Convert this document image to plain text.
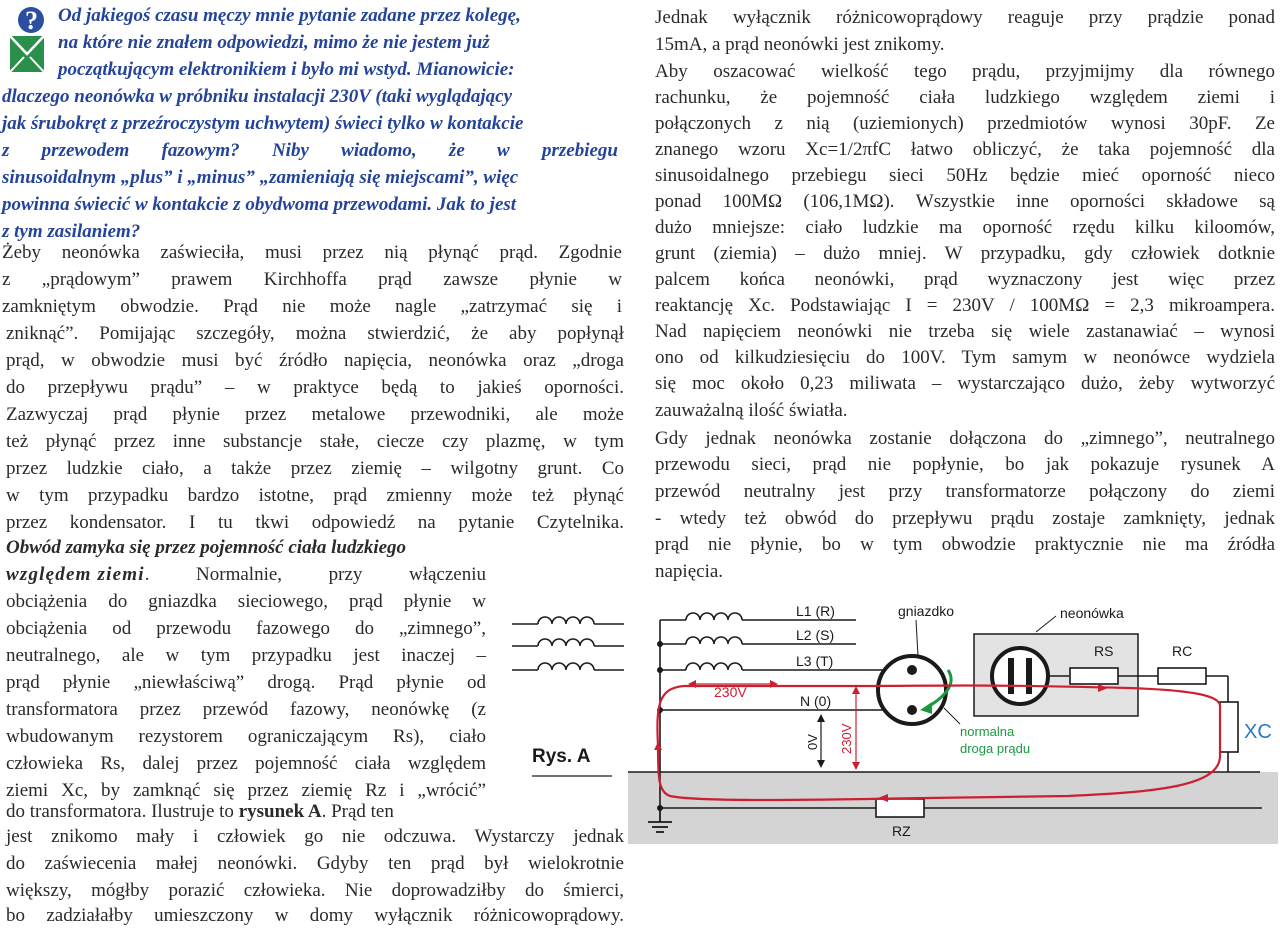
? Od jakiegoś czasu męczy mnie pytanie zadane przez kolegę,
na które nie znałem odpowiedzi, mimo że nie jestem już
początkującym elektronikiem i było mi wstyd. Mianowicie:
dlaczego neonówka w próbniku instalacji 230V (taki wyglądający
jak śrubokręt z przeźroczystym uchwytem) świeci tylko w kontakcie
z przewodem fazowym? Niby wiadomo, że w przebiegu
sinusoidalnym „plus” i „minus” „zamieniają się miejscami”, więc
powinna świecić w kontakcie z obydwoma przewodami. Jak to jest
z tym zasilaniem?
Żeby neonówka zaświeciła, musi przez nią płynąć prąd. Zgodnie
z „prądowym” prawem Kirchhoffa prąd zawsze płynie w
zamkniętym obwodzie. Prąd nie może nagle „zatrzymać się i
zniknąć”. Pomijając szczegóły, można stwierdzić, że aby popłynął
prąd, w obwodzie musi być źródło napięcia, neonówka oraz „droga
do przepływu prądu” – w praktyce będą to jakieś oporności.
Zazwyczaj prąd płynie przez metalowe przewodniki, ale może
też płynąć przez inne substancje stałe, ciecze czy plazmę, w tym
przez ludzkie ciało, a także przez ziemię – wilgotny grunt. Co
w tym przypadku bardzo istotne, prąd zmienny może też płynąć
przez kondensator. I tu tkwi odpowiedź na pytanie Czytelnika.
Obwód zamyka się przez pojemność ciała ludzkiego
względem ziemi . Normalnie, przy włączeniu
obciążenia do gniazdka sieciowego, prąd płynie w
obciążenia od przewodu fazowego do „zimnego”,
neutralnego, ale w tym przypadku jest inaczej –
prąd płynie „niewłaściwą” drogą. Prąd płynie od
transformatora przez przewód fazowy, neonówkę (z
wbudowanym rezystorem ograniczającym Rs), ciało
człowieka Rs, dalej przez pojemność ciała względem
ziemi Xc, by zamknąć się przez ziemię Rz i „wrócić”
do transformatora. Ilustruje to rysunek A. Prąd ten
jest znikomo mały i człowiek go nie odczuwa. Wystarczy jednak
do zaświecenia małej neonówki. Gdyby ten prąd był wielokrotnie
większy, mógłby porazić człowieka. Nie doprowadziłby do śmierci,
bo zadziałałby umieszczony w domy wyłącznik różnicowoprądowy.
Jednak wyłącznik różnicowoprądowy reaguje przy prądzie ponad
15mA, a prąd neonówki jest znikomy.
Aby oszacować wielkość tego prądu, przyjmijmy dla równego
rachunku, że pojemność ciała ludzkiego względem ziemi i
połączonych z nią (uziemionych) przedmiotów wynosi 30pF. Ze
znanego wzoru Xc=1/2πfC łatwo obliczyć, że taka pojemność dla
sinusoidalnego przebiegu sieci 50Hz będzie mieć oporność nieco
ponad 100MΩ (106,1MΩ). Wszystkie inne oporności składowe są
dużo mniejsze: ciało ludzkie ma oporność rzędu kilku kiloomów,
grunt (ziemia) – dużo mniej. W przypadku, gdy człowiek dotknie
palcem końca neonówki, prąd wyznaczony jest więc przez
reaktancję Xc. Podstawiając I = 230V / 100MΩ = 2,3 mikroampera.
Nad napięciem neonówki nie trzeba się wiele zastanawiać – wynosi
ono od kilkudziesięciu do 100V. Tym samym w neonówce wydziela
się moc około 0,23 miliwata – wystarczająco dużo, żeby wytworzyć
zauważalną ilość światła.
Gdy jednak neonówka zostanie dołączona do „zimnego”, neutralnego
przewodu sieci, prąd nie popłynie, bo jak pokazuje rysunek A
przewód neutralny jest przy transformatorze połączony do ziemi
- wtedy też obwód do przepływu prądu zostaje zamknięty, jednak
prąd nie płynie, bo w tym obwodzie praktycznie nie ma źródła
napięcia.
Rys. A
L1 (R)
L2 (S)
L3 (T)
N (0)
230V
0V 230V
gniazdko
normalna
droga prądu
neonówka
RS	RC
XC
RZ
